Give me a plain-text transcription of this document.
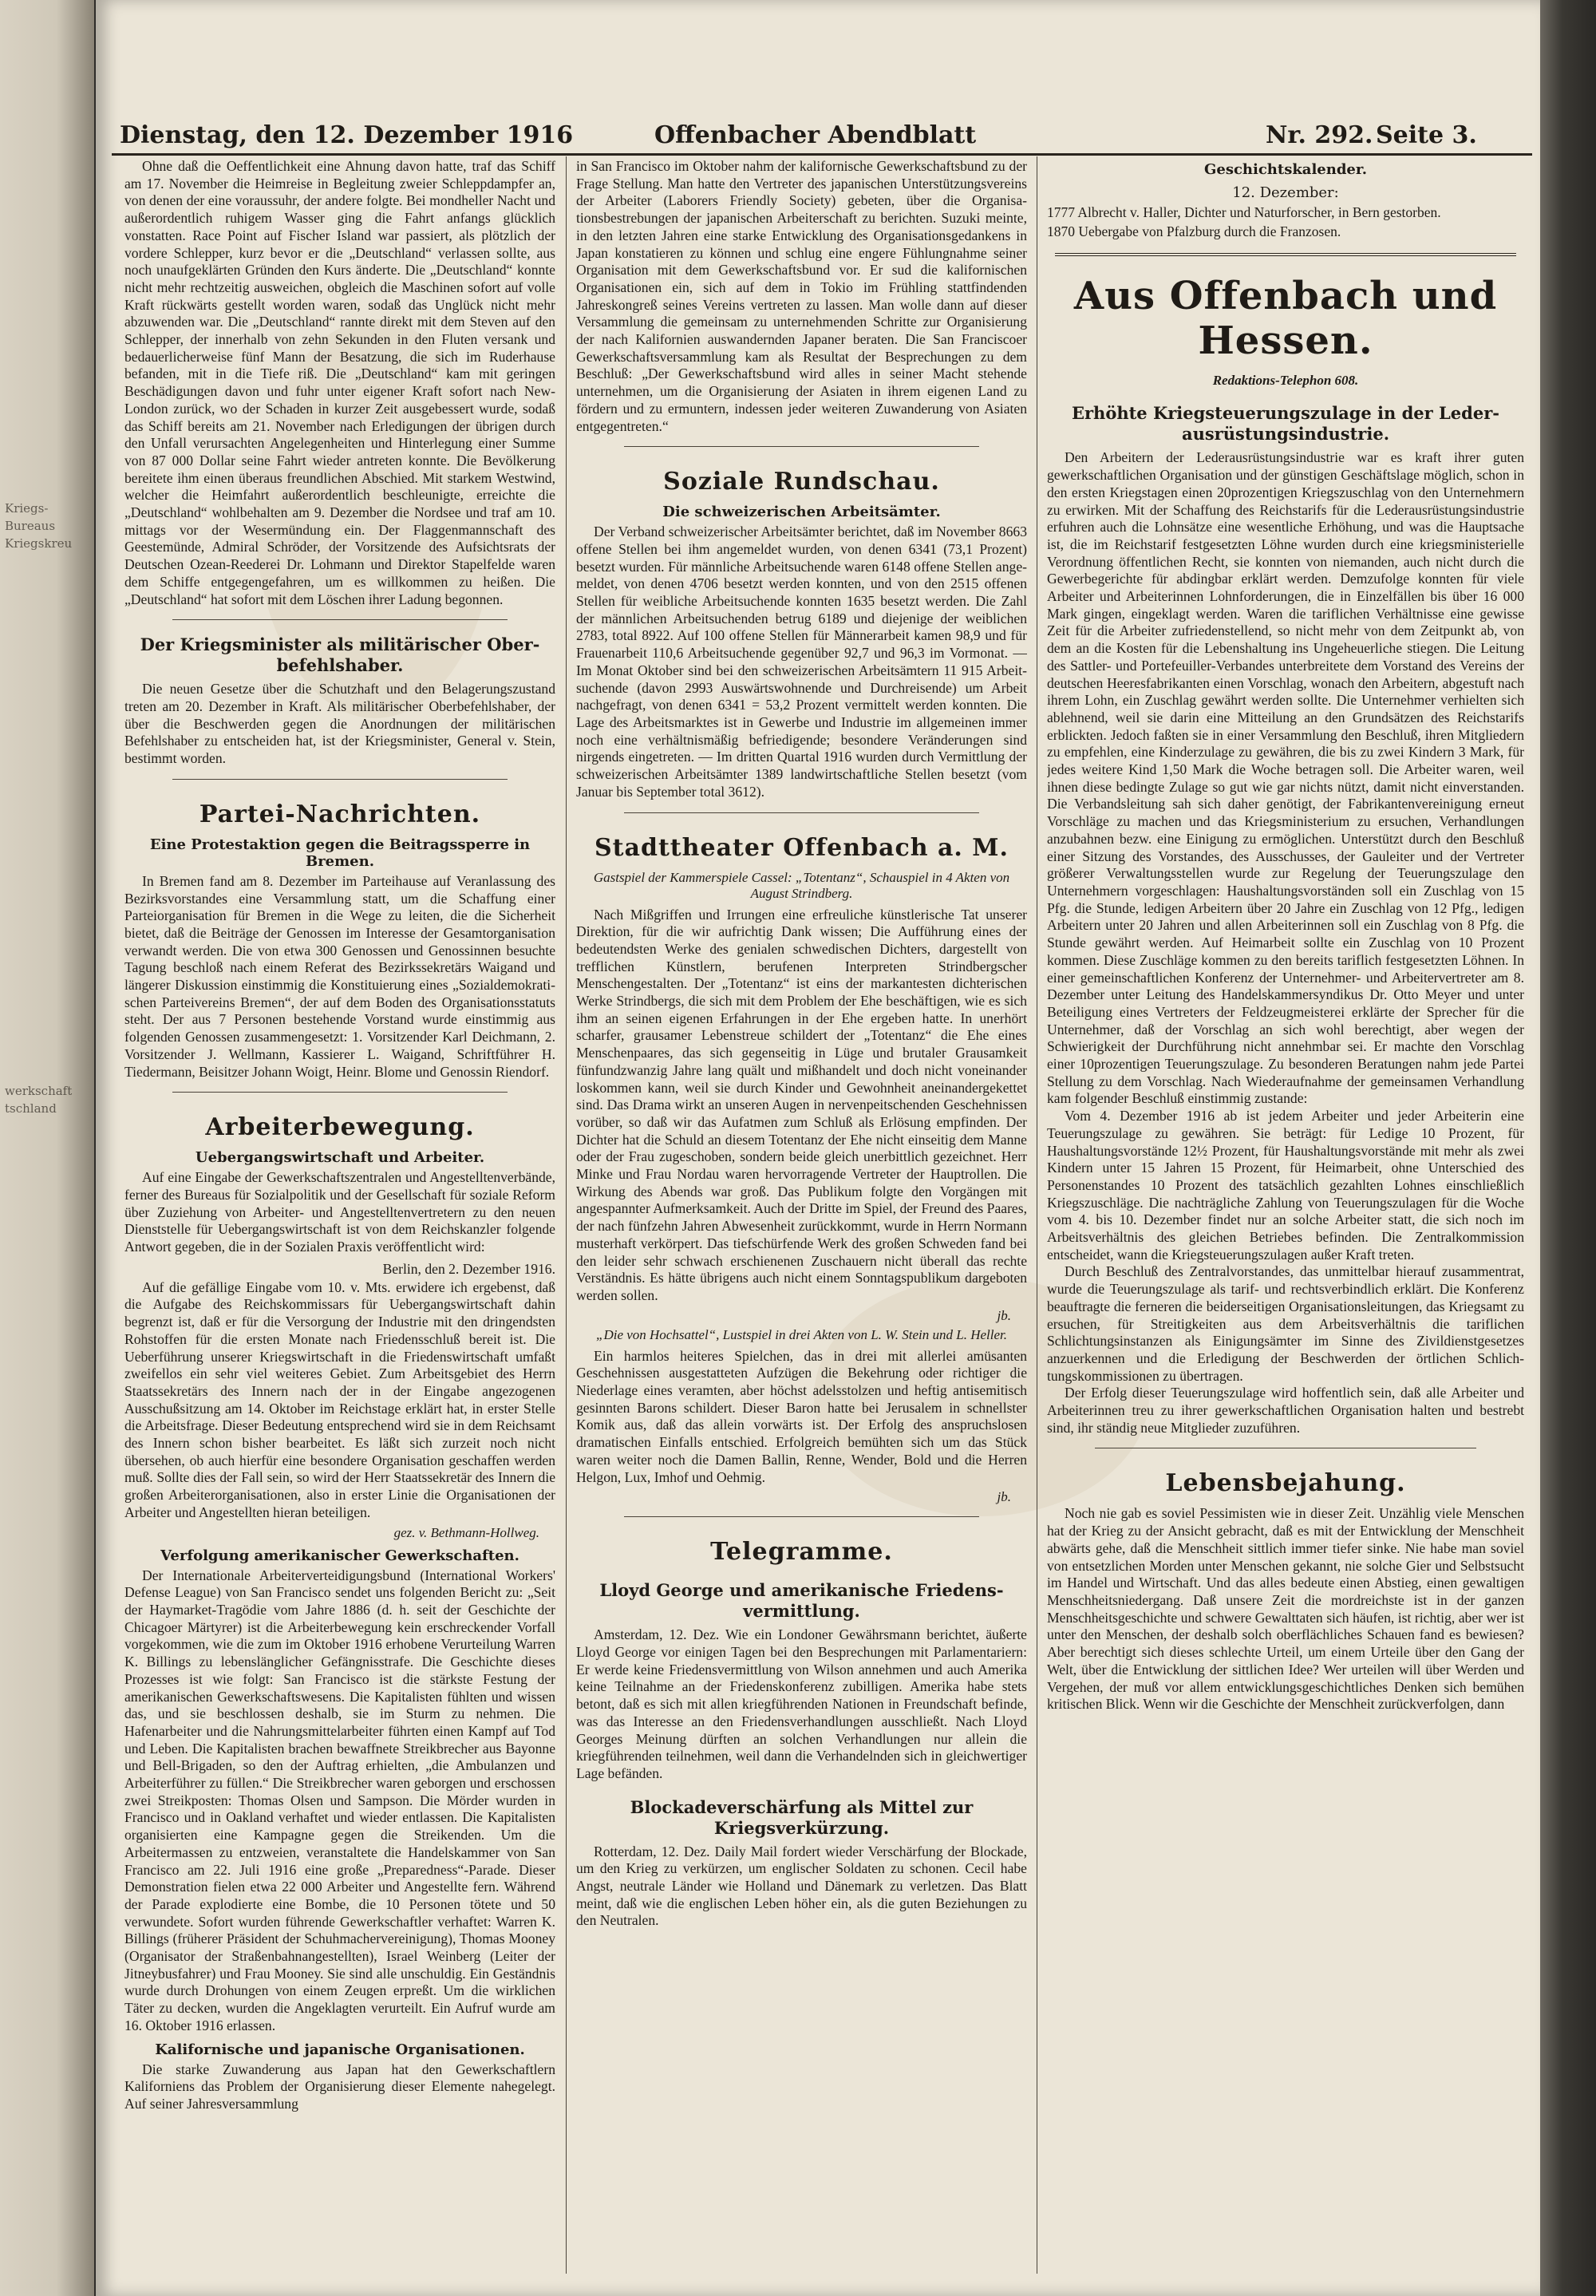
Kriegs-
Bureaus
Kriegskreu
werkschaft
tschland
Dienstag, den 12. Dezember 1916	Offenbacher Abendblatt	Nr. 292. Seite 3.

Ohne daß die Oeffentlichkeit eine Ahnung davon hatte, traf das Schiff am 17. November die Heimreise in Begleitung zweier Schleppdampfer an, von denen der eine voraussuhr, der andere folgte. Bei mondheller Nacht und außerordentlich ruhigem Wasser ging die Fahrt anfangs glücklich vonstatten. Race Point auf Fischer Island war passiert, als plötzlich der vordere Schlepper, kurz bevor er die „Deutschland“ verlassen sollte, aus noch unaufgeklärten Gründen den Kurs änderte. Die „Deutschland“ konnte nicht mehr rechtzeitig ausweichen, obgleich die Maschinen sofort auf volle Kraft rückwärts gestellt worden waren, sodaß das Unglück nicht mehr abzuwenden war. Die „Deutschland“ rannte direkt mit dem Steven auf den Schlepper, der innerhalb von zehn Sekunden in den Fluten versank und bedauerlicherweise fünf Mann der Besatzung, die sich im Ruderhause befanden, mit in die Tiefe riß. Die „Deutschland“ kam mit geringen Beschädigungen davon und fuhr unter eigener Kraft sofort nach New-London zurück, wo der Schaden in kurzer Zeit ausgebessert wurde, sodaß das Schiff bereits am 21. November nach Erledigungen der übrigen durch den Unfall verursachten Angelegenheiten und Hinterlegung einer Summe von 87 000 Dollar seine Fahrt wieder antreten konnte. Die Bevölkerung bereitete ihm einen überaus freundlichen Abschied. Mit starkem Westwind, welcher die Heimfahrt außerordentlich beschleunigte, erreichte die „Deutschland“ wohlbehalten am 9. Dezember die Nordsee und traf am 10. mittags vor der Wesermündung ein. Der Flaggenmannschaft des Geestemünde, Admiral Schröder, der Vorsitzende des Aufsichtsrats der Deutschen Ozean-Reederei Dr. Lohmann und Direktor Stapelfelde waren dem Schiffe entgegengefahren, um es willkommen zu heißen. Die „Deutschland“ hat sofort mit dem Löschen ihrer Ladung begonnen.

Der Kriegsminister als militärischer Oberbefehlshaber.

Die neuen Gesetze über die Schutzhaft und den Belagerungszustand treten am 20. Dezember in Kraft. Als militärischer Oberbefehlshaber, der über die Beschwerden gegen die Anordnungen der militärischen Befehlshaber zu entscheiden hat, ist der Kriegsminister, General v. Stein, bestimmt worden.

Partei-Nachrichten.
Eine Protestaktion gegen die Beitragssperre in Bremen.

In Bremen fand am 8. Dezember im Parteihause auf Veranlassung des Bezirksvorstandes eine Versammlung statt, um die Schaffung einer Parteiorganisation für Bremen in die Wege zu leiten, die die Sicherheit bietet, daß die Beiträge der Genossen im Interesse der Gesamtorganisation verwandt werden. Die von etwa 300 Genossen und Genossinnen besuchte Tagung beschloß nach einem Referat des Bezirkssekretärs Waigand und längerer Diskussion einstimmig die Konstituierung eines „Sozialdemokratischen Parteivereins Bremen“, der auf dem Boden des Organisationsstatuts steht. Der aus 7 Personen bestehende Vorstand wurde einstimmig aus folgenden Genossen zusammengesetzt: 1. Vorsitzender Karl Deichmann, 2. Vorsitzender J. Wellmann, Kassierer L. Waigand, Schriftführer H. Tiedermann, Beisitzer Johann Woigt, Heinr. Blome und Genossin Riendorf.

Arbeiterbewegung.
Uebergangswirtschaft und Arbeiter.

Auf eine Eingabe der Gewerkschaftszentralen und Angestelltenverbände, ferner des Bureaus für Sozialpolitik und der Gesellschaft für soziale Reform über Zuziehung von Arbeiter- und Angestelltenvertretern zu den neuen Dienststelle für Uebergangswirtschaft ist von dem Reichskanzler folgende Antwort gegeben, die in der Sozialen Praxis veröffentlicht wird:

Berlin, den 2. Dezember 1916.

Auf die gefällige Eingabe vom 10. v. Mts. erwidere ich ergebenst, daß die Aufgabe des Reichskommissars für Uebergangswirtschaft dahin begrenzt ist, daß er für die Versorgung der Industrie mit den dringendsten Rohstoffen für die ersten Monate nach Friedensschluß bereit ist. Die Ueberführung unserer Kriegswirtschaft in die Friedenswirtschaft umfaßt zweifellos ein sehr viel weiteres Gebiet. Zum Arbeitsgebiet des Herrn Staatssekretärs des Innern nach der in der Eingabe angezogenen Ausschußsitzung am 14. Oktober im Reichstage erklärt hat, in erster Stelle die Arbeitsfrage. Dieser Bedeutung entsprechend wird sie in dem Reichsamt des Innern schon bisher bearbeitet. Es läßt sich zurzeit noch nicht übersehen, ob auch hierfür eine besondere Organisation geschaffen werden muß. Sollte dies der Fall sein, so wird der Herr Staatssekretär des Innern die großen Arbeiterorganisationen, also in erster Linie die Organisationen der Arbeiter und Angestellten hieran beteiligen.

gez. v. Bethmann-Hollweg.
Verfolgung amerikanischer Gewerkschaften.

Der Internationale Arbeiterverteidigungsbund (International Workers' Defense League) von San Francisco sendet uns folgenden Bericht zu: „Seit der Haymarket-Tragödie vom Jahre 1886 (d. h. seit der Geschichte der Chicagoer Märtyrer) ist die Arbeiterbewegung kein erschreckender Vorfall vorgekommen, wie die zum im Oktober 1916 erhobene Verurteilung Warren K. Billings zu lebenslänglicher Gefängnisstrafe. Die Geschichte dieses Prozesses ist wie folgt: San Francisco ist die stärkste Festung der amerikanischen Gewerkschaftswesens. Die Kapitalisten fühlten und wissen das, und sie beschlossen deshalb, sie im Sturm zu nehmen. Die Hafenarbeiter und die Nahrungsmittelarbeiter führten einen Kampf auf Tod und Leben. Die Kapitalisten brachen bewaffnete Streikbrecher aus Bayonne und Bell-Brigaden, so den der Auftrag erhielten, „die Ambulanzen und Arbeiterführer zu füllen.“ Die Streikbrecher waren geborgen und erschossen zwei Streikposten: Thomas Olsen und Sampson. Die Mörder wurden in Francisco und in Oakland verhaftet und wieder entlassen. Die Kapitalisten organisierten eine Kampagne gegen die Streikenden. Um die Arbeitermassen zu entzweien, veranstaltete die Handelskammer von San Francisco am 22. Juli 1916 eine große „Preparedness“-Parade. Dieser Demonstration fielen etwa 22 000 Arbeiter und Angestellte fern. Während der Parade explodierte eine Bombe, die 10 Personen tötete und 50 verwundete. Sofort wurden führende Gewerkschaftler verhaftet: Warren K. Billings (früherer Präsident der Schuhmachervereinigung), Thomas Mooney (Organisator der Straßenbahnangestellten), Israel Weinberg (Leiter der Jitneybusfahrer) und Frau Mooney. Sie sind alle unschuldig. Ein Geständnis wurde durch Drohungen von einem Zeugen erpreßt. Um die wirklichen Täter zu decken, wurden die Angeklagten verurteilt. Ein Aufruf wurde am 16. Oktober 1916 erlassen.

Kalifornische und japanische Organisationen.

Die starke Zuwanderung aus Japan hat den Gewerkschaftlern Kaliforniens das Problem der Organisierung dieser Elemente nahegelegt. Auf seiner Jahresversammlung

in San Francisco im Oktober nahm der kalifornische Gewerkschaftsbund zu der Frage Stellung. Man hatte den Vertreter des japanischen Unterstützungsvereins der Arbeiter (Laborers Friendly Society) gebeten, über die Organisationsbestrebungen der japanischen Arbeiterschaft zu berichten. Suzuki meinte, in den letzten Jahren eine starke Entwicklung des Organisationsgedankens in Japan konstatieren zu können und schlug eine engere Fühlungnahme seiner Organisation mit dem Gewerkschaftsbund vor. Er sud die kalifornischen Organisationen ein, sich auf dem in Tokio im Frühling stattfindenden Jahreskongreß seines Vereins vertreten zu lassen. Man wolle dann auf dieser Versammlung die gemeinsam zu unternehmenden Schritte zur Organisierung der nach Kalifornien auswandernden Japaner beraten. Die San Franciscoer Gewerkschaftsversammlung kam als Resultat der Besprechungen zu dem Beschluß: „Der Gewerkschaftsbund wird alles in seiner Macht stehende unternehmen, um die Organisierung der Asiaten in ihrem eigenen Land zu fördern und zu ermuntern, indessen jeder weiteren Zuwanderung von Asiaten entgegentreten.“

Soziale Rundschau.
Die schweizerischen Arbeitsämter.

Der Verband schweizerischer Arbeitsämter berichtet, daß im November 8663 offene Stellen bei ihm angemeldet wurden, von denen 6341 (73,1 Prozent) besetzt wurden. Für männliche Arbeitsuchende waren 6148 offene Stellen angemeldet, von denen 4706 besetzt werden konnten, und von den 2515 offenen Stellen für weibliche Arbeitsuchende konnten 1635 besetzt werden. Die Zahl der männlichen Arbeitsuchenden betrug 6189 und diejenige der weiblichen 2783, total 8922. Auf 100 offene Stellen für Männerarbeit kamen 98,9 und für Frauenarbeit 110,6 Arbeitsuchende gegenüber 92,7 und 96,3 im Vormonat. — Im Monat Oktober sind bei den schweizerischen Arbeitsämtern 11 915 Arbeitsuchende (davon 2993 Auswärtswohnende und Durchreisende) um Arbeit nachgefragt, von denen 6341 = 53,2 Prozent vermittelt werden konnten. Die Lage des Arbeitsmarktes ist in Gewerbe und Industrie im allgemeinen immer noch eine verhältnismäßig befriedigende; besondere Veränderungen sind nirgends eingetreten. — Im dritten Quartal 1916 wurden durch Vermittlung der schweizerischen Arbeitsämter 1389 landwirtschaftliche Stellen besetzt (vom Januar bis September total 3612).

Stadttheater Offenbach a. M.
Gastspiel der Kammerspiele Cassel: „Totentanz“, Schauspiel in 4 Akten von August Strindberg.

Nach Mißgriffen und Irrungen eine erfreuliche künstlerische Tat unserer Direktion, für die wir aufrichtig Dank wissen; Die Aufführung eines der bedeutendsten Werke des genialen schwedischen Dichters, dargestellt von trefflichen Künstlern, berufenen Interpreten Strindbergscher Menschengestalten. Der „Totentanz“ ist eins der markantesten dichterischen Werke Strindbergs, die sich mit dem Problem der Ehe beschäftigen, wie es sich ihm an seinen eigenen Erfahrungen in der Ehe ergeben hatte. In unerhört scharfer, grausamer Lebenstreue schildert der „Totentanz“ die Ehe eines Menschenpaares, das sich gegenseitig in Lüge und brutaler Grausamkeit fünfundzwanzig Jahre lang quält und mißhandelt und doch nicht voneinander loskommen kann, weil sie durch Kinder und Gewohnheit aneinandergekettet sind. Das Drama wirkt an unseren Augen in nervenpeitschenden Geschehnissen vorüber, so daß wir das Aufatmen zum Schluß als Erlösung empfinden. Der Dichter hat die Schuld an diesem Totentanz der Ehe nicht einseitig dem Manne oder der Frau zugeschoben, sondern beide gleich unerbittlich gezeichnet. Herr Minke und Frau Nordau waren hervorragende Vertreter der Hauptrollen. Die Wirkung des Abends war groß. Das Publikum folgte den Vorgängen mit angespannter Aufmerksamkeit. Auch der Dritte im Spiel, der Freund des Paares, der nach fünfzehn Jahren Abwesenheit zurückkommt, wurde in Herrn Normann musterhaft verkörpert. Das tiefschürfende Werk des großen Schweden fand bei den leider sehr schwach erschienenen Zuschauern nicht überall das rechte Verständnis. Es hätte übrigens auch nicht einem Sonntagspublikum dargeboten werden sollen.

jb.
„Die von Hochsattel“, Lustspiel in drei Akten von L. W. Stein und L. Heller.

Ein harmlos heiteres Spielchen, das in drei mit allerlei amüsanten Geschehnissen ausgestatteten Aufzügen die Bekehrung oder richtiger die Niederlage eines veramten, aber höchst adelsstolzen und heftig antisemitisch gesinnten Barons schildert. Dieser Baron hatte bei Jerusalem in schnellster Komik aus, daß das allein vorwärts ist. Der Erfolg des anspruchslosen dramatischen Einfalls entschied. Erfolgreich bemühten sich um das Stück waren weiter noch die Damen Ballin, Renne, Wender, Bold und die Herren Helgon, Lux, Imhof und Oehmig.

jb.
Telegramme.
Lloyd George und amerikanische Friedensvermittlung.

Amsterdam, 12. Dez. Wie ein Londoner Gewährsmann berichtet, äußerte Lloyd George vor einigen Tagen bei den Besprechungen mit Parlamentariern: Er werde keine Friedensvermittlung von Wilson annehmen und auch Amerika keine Teilnahme an der Friedenskonferenz zubilligen. Amerika habe stets betont, daß es sich mit allen kriegführenden Nationen in Freundschaft befinde, was das Interesse an den Friedensverhandlungen ausschließt. Nach Lloyd Georges Meinung dürften an solchen Verhandlungen nur allein die kriegführenden teilnehmen, weil dann die Verhandelnden sich in gleichwertiger Lage befänden.

Blockadeverschärfung als Mittel zur Kriegsverkürzung.

Rotterdam, 12. Dez. Daily Mail fordert wieder Verschärfung der Blockade, um den Krieg zu verkürzen, um englischer Soldaten zu schonen. Cecil habe Angst, neutrale Länder wie Holland und Dänemark zu verletzen. Das Blatt meint, daß wie die englischen Leben höher ein, als die guten Beziehungen zu den Neutralen.

Geschichtskalender.
12. Dezember:
1777 Albrecht v. Haller, Dichter und Naturforscher, in Bern gestorben.
1870 Uebergabe von Pfalzburg durch die Franzosen.
Aus Offenbach und Hessen.
Redaktions-Telephon 608.
Erhöhte Kriegsteuerungszulage in der Lederausrüstungsindustrie.

Den Arbeitern der Lederausrüstungsindustrie war es kraft ihrer guten gewerkschaftlichen Organisation und der günstigen Geschäftslage möglich, schon in den ersten Kriegstagen einen 20prozentigen Kriegszuschlag von den Unternehmern zu erwirken. Mit der Schaffung des Reichstarifs für die Lederausrüstungsindustrie erfuhren auch die Lohnsätze eine wesentliche Erhöhung, und was die Hauptsache ist, die im Reichstarif festgesetzten Löhne wurden durch eine kriegsministerielle Verordnung öffentlichen Recht, sie konnten von niemanden, auch nicht durch die Gewerbegerichte für abdingbar erklärt werden. Demzufolge konnten für viele Arbeiter und Arbeiterinnen Lohnforderungen, die in Einzelfällen bis über 16 000 Mark gingen, eingeklagt werden. Waren die tariflichen Verhältnisse eine gewisse Zeit für die Arbeiter zufriedenstellend, so nicht mehr von dem Zeitpunkt ab, von dem an die Kosten für die Lebenshaltung ins Ungeheuerliche stiegen. Die Leitung des Sattler- und Portefeuiller-Verbandes unterbreitete dem Vorstand des Vereins der deutschen Heeresfabrikanten einen Vorschlag, wonach den Arbeitern, abgestuft nach ihrem Lohn, ein Zuschlag gewährt werden sollte. Die Unternehmer verhielten sich ablehnend, weil sie darin eine Mitteilung an den Grundsätzen des Reichstarifs erblickten. Jedoch faßten sie in einer Versammlung den Beschluß, ihren Mitgliedern zu empfehlen, eine Kinderzulage zu gewähren, die bis zu zwei Kindern 3 Mark, für jedes weitere Kind 1,50 Mark die Woche betragen soll. Die Arbeiter waren, weil ihnen diese bedingte Zulage so gut wie gar nichts nützt, damit nicht einverstanden. Die Verbandsleitung sah sich daher genötigt, der Fabrikantenvereinigung erneut Vorschläge zu machen und das Kriegsministerium zu ersuchen, Verhandlungen anzubahnen bezw. eine Einigung zu ermöglichen. Unterstützt durch den Beschluß einer Sitzung des Vorstandes, des Ausschusses, der Gauleiter und der Vertreter größerer Verwaltungsstellen wurde zur Regelung der Teuerungszulage den Unternehmern vorgeschlagen: Haushaltungsvorständen soll ein Zuschlag von 15 Pfg. die Stunde, ledigen Arbeitern über 20 Jahre ein Zuschlag von 12 Pfg., ledigen Arbeitern unter 20 Jahren und allen Arbeiterinnen soll ein Zuschlag von 8 Pfg. die Stunde gewährt werden. Auf Heimarbeit sollte ein Zuschlag von 10 Prozent kommen. Diese Zuschläge kommen zu den bereits tariflich festgesetzten Löhnen. In einer gemeinschaftlichen Konferenz der Unternehmer- und Arbeitervertreter am 8. Dezember unter Leitung des Handelskammersyndikus Dr. Otto Meyer und unter Beteiligung eines Vertreters der Feldzeugmeisterei erklärte der Sprecher für die Unternehmer, daß der Vorschlag an sich wohl berechtigt, aber wegen der Schwierigkeit der Durchführung nicht annehmbar sei. Er machte den Vorschlag einer 10prozentigen Teuerungszulage. Zu besonderen Beratungen nahm jede Partei Stellung zu dem Vorschlag. Nach Wiederaufnahme der gemeinsamen Verhandlung kam folgender Beschluß einstimmig zustande:

Vom 4. Dezember 1916 ab ist jedem Arbeiter und jeder Arbeiterin eine Teuerungszulage zu gewähren. Sie beträgt: für Ledige 10 Prozent, für Haushaltungsvorstände 12½ Prozent, für Haushaltungsvorstände mit mehr als zwei Kindern unter 15 Jahren 15 Prozent, für Heimarbeit, ohne Unterschied des Personenstandes 10 Prozent des tatsächlich gezahlten Lohnes einschließlich Kriegszuschläge. Die nachträgliche Zahlung von Teuerungszulagen für die Woche vom 4. bis 10. Dezember findet nur an solche Arbeiter statt, die sich noch im Arbeitsverhältnis des gleichen Betriebes befinden. Die Zentralkommission entscheidet, wann die Kriegsteuerungszulagen außer Kraft treten.

Durch Beschluß des Zentralvorstandes, das unmittelbar hierauf zusammentrat, wurde die Teuerungszulage als tarif- und rechtsverbindlich erklärt. Die Konferenz beauftragte die ferneren die beiderseitigen Organisationsleitungen, das Kriegsamt zu ersuchen, für Streitigkeiten aus dem Arbeitsverhältnis die tariflichen Schlichtungsinstanzen als Einigungsämter im Sinne des Zivildienstgesetzes anzuerkennen und die Erledigung der Beschwerden der örtlichen Schlichtungskommissionen zu übertragen.

Der Erfolg dieser Teuerungszulage wird hoffentlich sein, daß alle Arbeiter und Arbeiterinnen treu zu ihrer gewerkschaftlichen Organisation halten und bestrebt sind, ihr ständig neue Mitglieder zuzuführen.

Lebensbejahung.

Noch nie gab es soviel Pessimisten wie in dieser Zeit. Unzählig viele Menschen hat der Krieg zu der Ansicht gebracht, daß es mit der Entwicklung der Menschheit abwärts gehe, daß die Menschheit sittlich immer tiefer sinke. Nie habe man soviel von entsetzlichen Morden unter Menschen gekannt, nie solche Gier und Selbstsucht im Handel und Wirtschaft. Und das alles bedeute einen Abstieg, einen gewaltigen Menschheitsniedergang. Daß unsere Zeit die mordreichste ist in der ganzen Menschheitsgeschichte und schwere Gewalttaten sich häufen, ist richtig, aber wer ist unter den Menschen, der deshalb solch oberflächliches Schauen fand es bewiesen? Aber berechtigt sich dieses schlechte Urteil, um einem Urteile über den Gang der Welt, über die Entwicklung der sittlichen Idee? Wer urteilen will über Werden und Vergehen, der muß vor allem entwicklungsgeschichtliches Denken sich bemühen kritischen Blick. Wenn wir die Geschichte der Menschheit zurückverfolgen, dann
